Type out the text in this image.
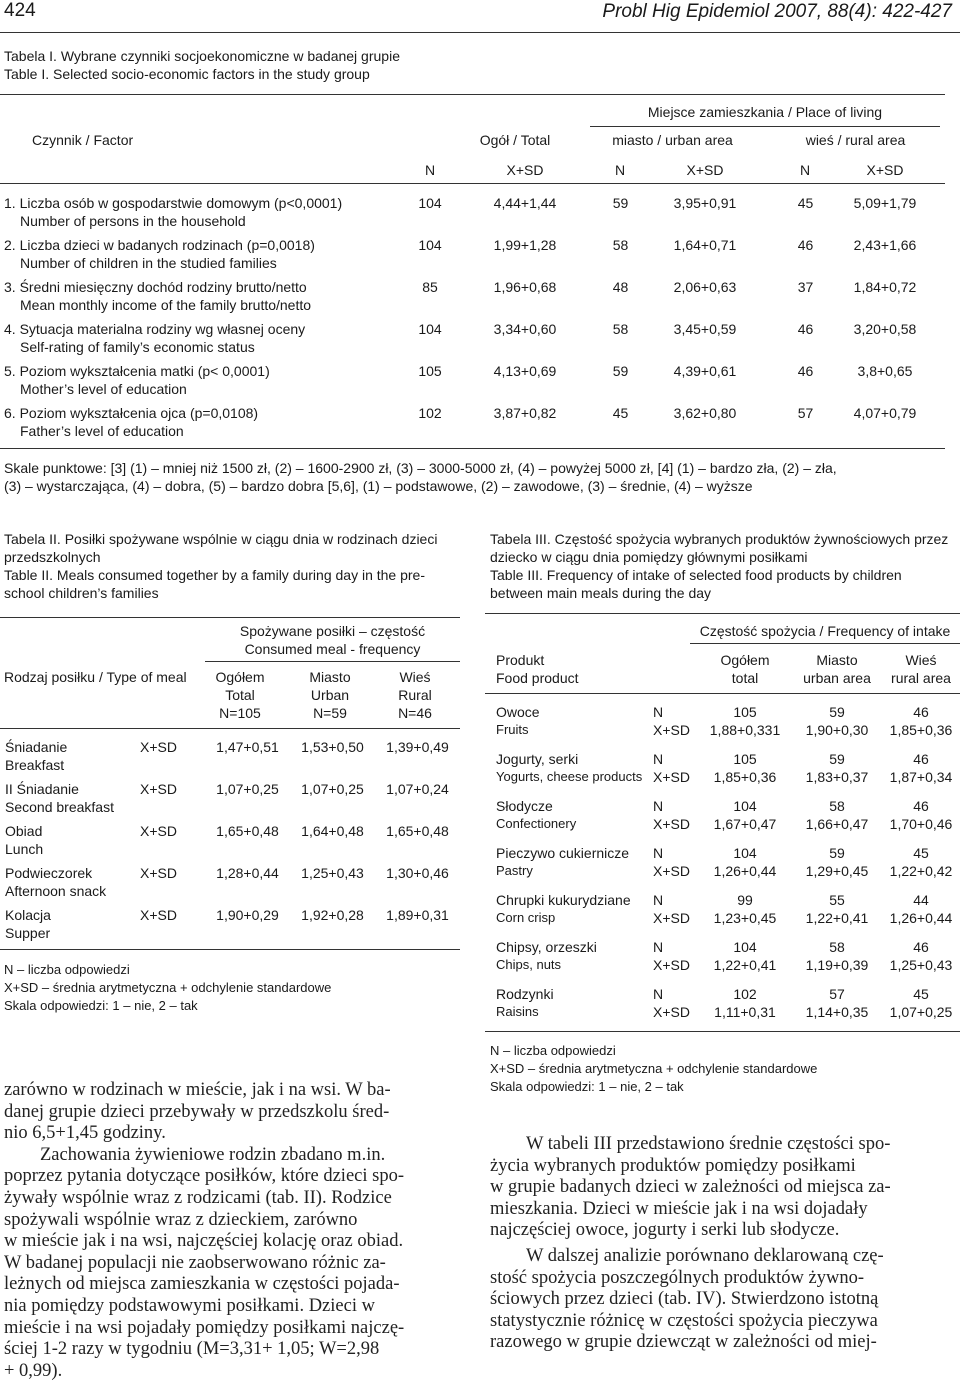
424	Probl Hig Epidemiol 2007, 88(4): 422-427
Tabela I. Wybrane czynniki socjoekonomiczne w badanej grupie
Table I. Selected socio-economic factors in the study group
Miejsce zamieszkania / Place of living
Czynnik / Factor	Ogół / Total	miasto / urban area	wieś / rural area
N	X+SD	N	X+SD	N	X+SD
1. Liczba osób w gospodarstwie domowym (p<0,0001)
Number of persons in the household
104	4,44+1,44	59	3,95+0,91	45	5,09+1,79
2. Liczba dzieci w badanych rodzinach (p=0,0018)
Number of children in the studied families
104	1,99+1,28	58	1,64+0,71	46	2,43+1,66
3. Średni miesięczny dochód rodziny brutto/netto
Mean monthly income of the family brutto/netto
85	1,96+0,68	48	2,06+0,63	37	1,84+0,72
4. Sytuacja materialna rodziny wg własnej oceny
Self-rating of family’s economic status
104	3,34+0,60	58	3,45+0,59	46	3,20+0,58
5. Poziom wykształcenia matki (p< 0,0001)
Mother’s level of education
105	4,13+0,69	59	4,39+0,61	46	3,8+0,65
6. Poziom wykształcenia ojca (p=0,0108)
Father’s level of education
102	3,87+0,82	45	3,62+0,80	57	4,07+0,79
Skale punktowe: [3] (1) – mniej niż 1500 zł, (2) – 1600-2900 zł, (3) – 3000-5000 zł, (4) – powyżej 5000 zł, [4] (1) – bardzo zła, (2) – zła,
(3) – wystarczająca, (4) – dobra, (5) – bardzo dobra [5,6], (1) – podstawowe, (2) – zawodowe, (3) – średnie, (4) – wyższe
Tabela II. Posiłki spożywane wspólnie w ciągu dnia w rodzinach dzieci
przedszkolnych
Table II. Meals consumed together by a family during day in the pre-
school children’s families
Spożywane posiłki – częstość
Consumed meal - frequency
Rodzaj posiłku / Type of meal	Ogółem
Total
N=105
Miasto
Urban
N=59
Wieś
Rural
N=46
Śniadanie
Breakfast
X+SD	1,47+0,51	1,53+0,50	1,39+0,49
II Śniadanie
Second breakfast
X+SD	1,07+0,25	1,07+0,25	1,07+0,24
Obiad
Lunch
X+SD	1,65+0,48	1,64+0,48	1,65+0,48
Podwieczorek
Afternoon snack
X+SD	1,28+0,44	1,25+0,43	1,30+0,46
Kolacja
Supper
X+SD	1,90+0,29	1,92+0,28	1,89+0,31
N – liczba odpowiedzi
X+SD – średnia arytmetyczna + odchylenie standardowe
Skala odpowiedzi: 1 – nie, 2 – tak
Tabela III. Częstość spożycia wybranych produktów żywnościowych przez
dziecko w ciągu dnia pomiędzy głównymi posiłkami
Table III. Frequency of intake of selected food products by children
between main meals during the day
Częstość spożycia / Frequency of intake
Produkt
Food product
Ogółem
total
Miasto
urban area
Wieś
rural area
Owoce
Fruits
N
X+SD
105	59	46
1,88+0,331	1,90+0,30	1,85+0,36
Jogurty, serki
Yogurts, cheese products
N
X+SD
105	59	46
1,85+0,36	1,83+0,37	1,87+0,34
Słodycze
Confectionery
N
X+SD
104	58	46
1,67+0,47	1,66+0,47	1,70+0,46
Pieczywo cukiernicze
Pastry
N
X+SD
104	59	45
1,26+0,44	1,29+0,45	1,22+0,42
Chrupki kukurydziane
Corn crisp
N
X+SD
99	55	44
1,23+0,45	1,22+0,41	1,26+0,44
Chipsy, orzeszki
Chips, nuts
N
X+SD
104	58	46
1,22+0,41	1,19+0,39	1,25+0,43
Rodzynki
Raisins
N
X+SD
102	57	45
1,11+0,31	1,14+0,35	1,07+0,25
N – liczba odpowiedzi
X+SD – średnia arytmetyczna + odchylenie standardowe
Skala odpowiedzi: 1 – nie, 2 – tak
zarówno w rodzinach w mieście, jak i na wsi. W ba-
danej grupie dzieci przebywały w przedszkolu śred-
nio 6,5+1,45 godziny.
Zachowania żywieniowe rodzin zbadano m.in.
poprzez pytania dotyczące posiłków, które dzieci spo-
żywały wspólnie wraz z rodzicami (tab. II). Rodzice
spożywali wspólnie wraz z dzieckiem, zarówno
w mieście jak i na wsi, najczęściej kolację oraz obiad.
W badanej populacji nie zaobserwowano różnic za-
leżnych od miejsca zamieszkania w częstości pojada-
nia pomiędzy podstawowymi posiłkami. Dzieci w
mieście i na wsi pojadały pomiędzy posiłkami najczę-
ściej 1-2 razy w tygodniu (M=3,31+ 1,05; W=2,98
+ 0,99).
W tabeli III przedstawiono średnie częstości spo-
życia wybranych produktów pomiędzy posiłkami
w grupie badanych dzieci w zależności od miejsca za-
mieszkania. Dzieci w mieście jak i na wsi dojadały
najczęściej owoce, jogurty i serki lub słodycze.
W dalszej analizie porównano deklarowaną czę-
stość spożycia poszczególnych produktów żywno-
ściowych przez dzieci (tab. IV). Stwierdzono istotną
statystycznie różnicę w częstości spożycia pieczywa
razowego w grupie dziewcząt w zależności od miej-
